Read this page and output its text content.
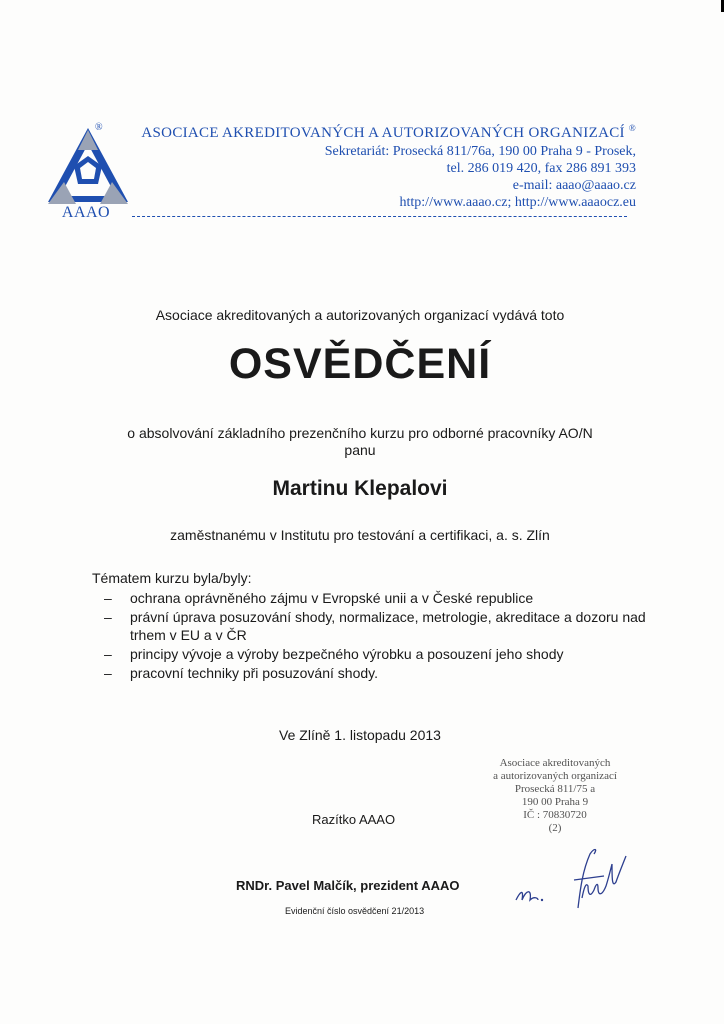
AAAO
®	ASOCIACE AKREDITOVANÝCH A AUTORIZOVANÝCH ORGANIZACÍ ®
Sekretariát: Prosecká 811/76a, 190 00 Praha 9 - Prosek,
tel. 286 019 420, fax 286 891 393
e-mail: aaao@aaao.cz
http://www.aaao.cz; http://www.aaaocz.eu
Asociace akreditovaných a autorizovaných organizací vydává toto
OSVĚDČENÍ
o absolvování základního prezenčního kurzu pro odborné pracovníky AO/N
panu
Martinu Klepalovi
zaměstnanému v Institutu pro testování a certifikaci, a. s. Zlín
Tématem kurzu byla/byly:
– ochrana oprávněného zájmu v Evropské unii a v České republice
– právní úprava posuzování shody, normalizace, metrologie, akreditace a dozoru nad trhem v EU a v ČR
– principy vývoje a výroby bezpečného výrobku a posouzení jeho shody
– pracovní techniky při posuzování shody.
Ve Zlíně 1. listopadu 2013
Asociace akreditovaných
a autorizovaných organizací
Prosecká 811/75 a
190 00 Praha 9
IČ : 70830720
(2)
Razítko AAAO
RNDr. Pavel Malčík, prezident AAAO
Evidenční číslo osvědčení 21/2013
